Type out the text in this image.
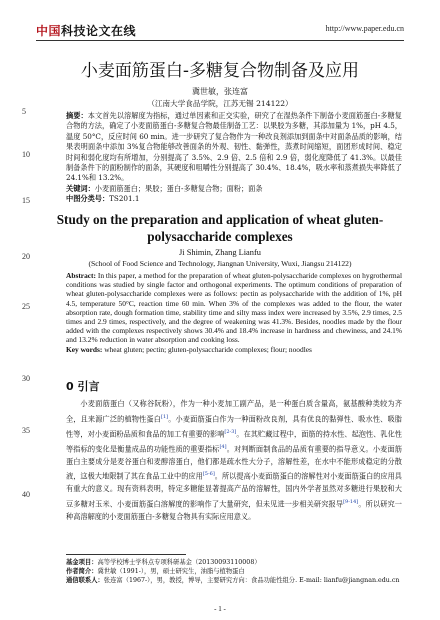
中国科技论文在线	http://www.paper.edu.cn
小麦面筋蛋白-多糖复合物制备及应用
冀世敏，张连富
（江南大学食品学院，江苏无锡 214122）
5
10
15
20
25
30
35
40
摘要：本文首先以溶解度为指标，通过单因素和正交实验，研究了在湿热条件下制备小麦面筋蛋白-多糖复合物的方法，确定了小麦面筋蛋白-多糖复合物最佳制备工艺：以果胶为多糖，其添加量为 1%，pH 4.5，温度 50°C，反应时间 60 min。进一步研究了复合物作为一种改良剂添加到面条中对面条品质的影响，结果表明面条中添加 3%复合物能够改善面条的外观、韧性、黏弹性，蒸煮时间缩短，面团形成时间、稳定时间和弱化度均有所增加，分别提高了 3.5%、2.9 倍、2.5 倍和 2.9 倍，弱化度降低了 41.3%。以最佳制备条件下的面粉制作的面条，其硬度和咀嚼性分别提高了 30.4%、18.4%，吸水率和蒸煮损失率降低了 24.1%和 13.2%。
关键词：小麦面筋蛋白；果胶；蛋白-多糖复合物；面粉；面条
中图分类号：TS201.1
Study on the preparation and application of wheat gluten-polysaccharide complexes
Ji Shimin, Zhang Lianfu
(School of Food Science and Technology, Jiangnan University, Wuxi, Jiangsu 214122)
Abstract: In this paper, a method for the preparation of wheat gluten-polysaccharide complexes on hygrothermal conditions was studied by single factor and orthogonal experiments. The optimum conditions of preparation of wheat gluten-polysaccharide complexes were as follows: pectin as polysaccharide with the addition of 1%, pH 4.5, temperature 50°C, reaction time 60 min. When 3% of the complexes was added to the flour, the water absorption rate, dough formation time, stability time and silty mass index were increased by 3.5%, 2.9 times, 2.5 times and 2.9 times, respectively, and the degree of weakening was 41.3%. Besides, noodles made by the flour added with the complexes respectively shows 30.4% and 18.4% increase in hardness and chewiness, and 24.1% and 13.2% reduction in water absorption and cooking loss.
Key words: wheat gluten; pectin; gluten-polysaccharide complexes; flour; noodles
0 引言

小麦面筋蛋白（又称谷阮粉），作为一种小麦加工副产品，是一种蛋白质含量高，氨基酸种类较为齐全，且来源广泛的植物性蛋白[1]。小麦面筋蛋白作为一种面粉改良剂，具有优良的黏弹性、吸水性、吸脂性等，对小麦面粉品质和食品的加工有重要的影响[2-3]。在其贮藏过程中，面筋的持水性、起泡性、乳化性等指标的变化是衡量成品的功能性质的重要指标[4]。对判断面制食品的品质有重要的指导意义。小麦面筋蛋白主要成分是麦谷蛋白和麦醇溶蛋白，他们都是疏水性大分子，溶解性差，在水中不能形成稳定的分散液，这极大地限制了其在食品工业中的应用[5-6]。所以提高小麦面筋蛋白的溶解性对小麦面筋蛋白的应用具有重大的意义。现有资料表明，特定多糖能显著提高产品的溶解性，国内外学者虽然对多糖进行果胶和大豆多糖对玉米、小麦面筋蛋白溶解度的影响作了大量研究，但未见进一步相关研究报导[9-14]。所以研究一种高溶解度的小麦面筋蛋白-多糖复合物具有实际应用意义。

基金项目：高等学校博士学科点专项科研基金（20130093110008）
作者简介：冀世敏（1991-），男，硕士研究生，油脂与植物蛋白
通信联系人：张连富（1967-），男，教授，博导，主要研究方向：食品功能性组分. E-mail: lianfu@jiangnan.edu.cn
- 1 -
